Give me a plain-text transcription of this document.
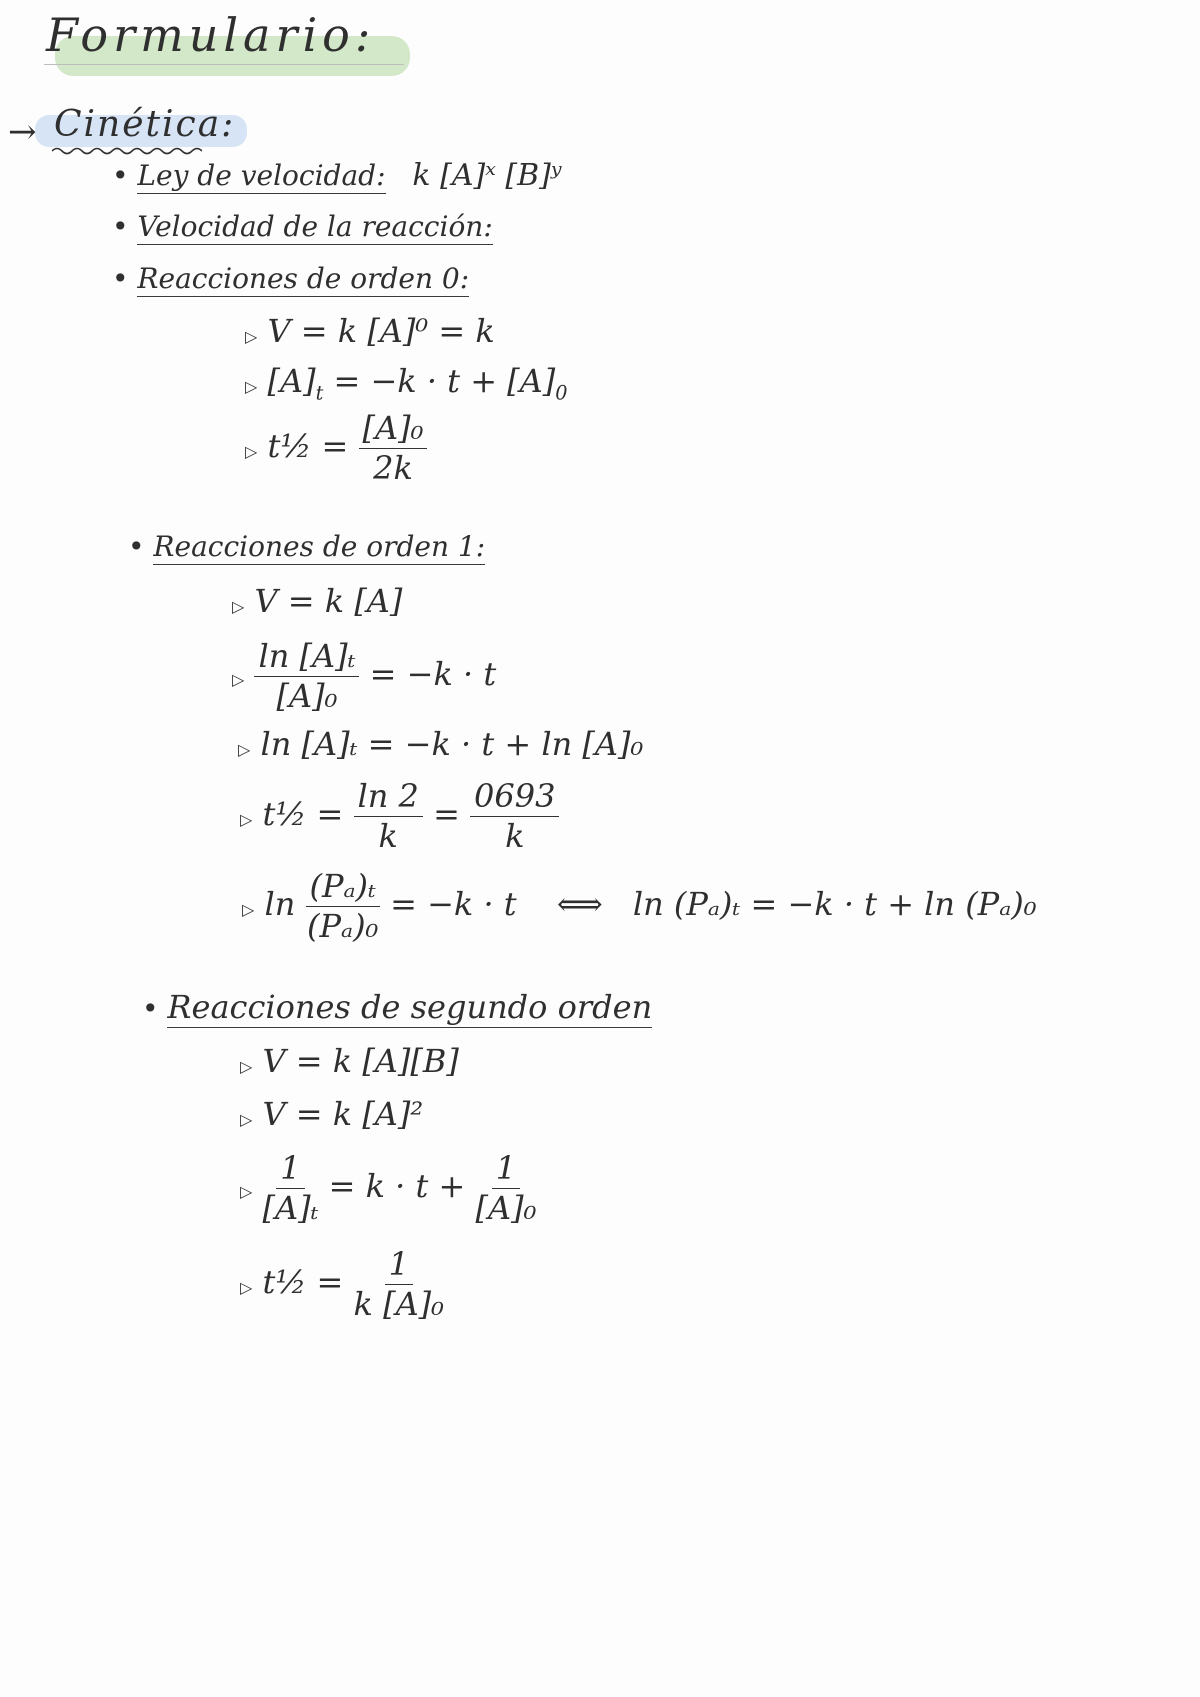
Formulario:
→ Cinética:
• Ley de velocidad: k [A]ˣ [B]ʸ
• Velocidad de la reacción:
• Reacciones de orden 0:
▷ V = k [A]⁰ = k
▷ $[A]_t = -k \cdot t + [A]_0$
▷ t½ = $\frac{\text{[A]₀}}{2k}$
• Reacciones de orden 1:
▷ V = k [A]
▷ $\frac{\text{ln [A]ₜ}}{\text{[A]₀}} = -k \cdot t$
▷ ln [A]ₜ = −k · t + ln [A]₀
▷ t½ = $\frac{\ln 2}{k} = \frac{0693}{k}$
▷ $\ln \frac{\text{(Pₐ)ₜ}}{\text{(Pₐ)₀}} = -k \cdot t$ ⟺ ln (Pₐ)ₜ = −k · t + ln (Pₐ)₀
• Reacciones de segundo orden
▷ V = k [A][B]
▷ V = k [A]²
▷ $\frac{1}{\text{[A]ₜ}} = k \cdot t + \frac{1}{\text{[A]₀}}$
▷ t½ = $\frac{1}{\text{k [A]₀}}$
